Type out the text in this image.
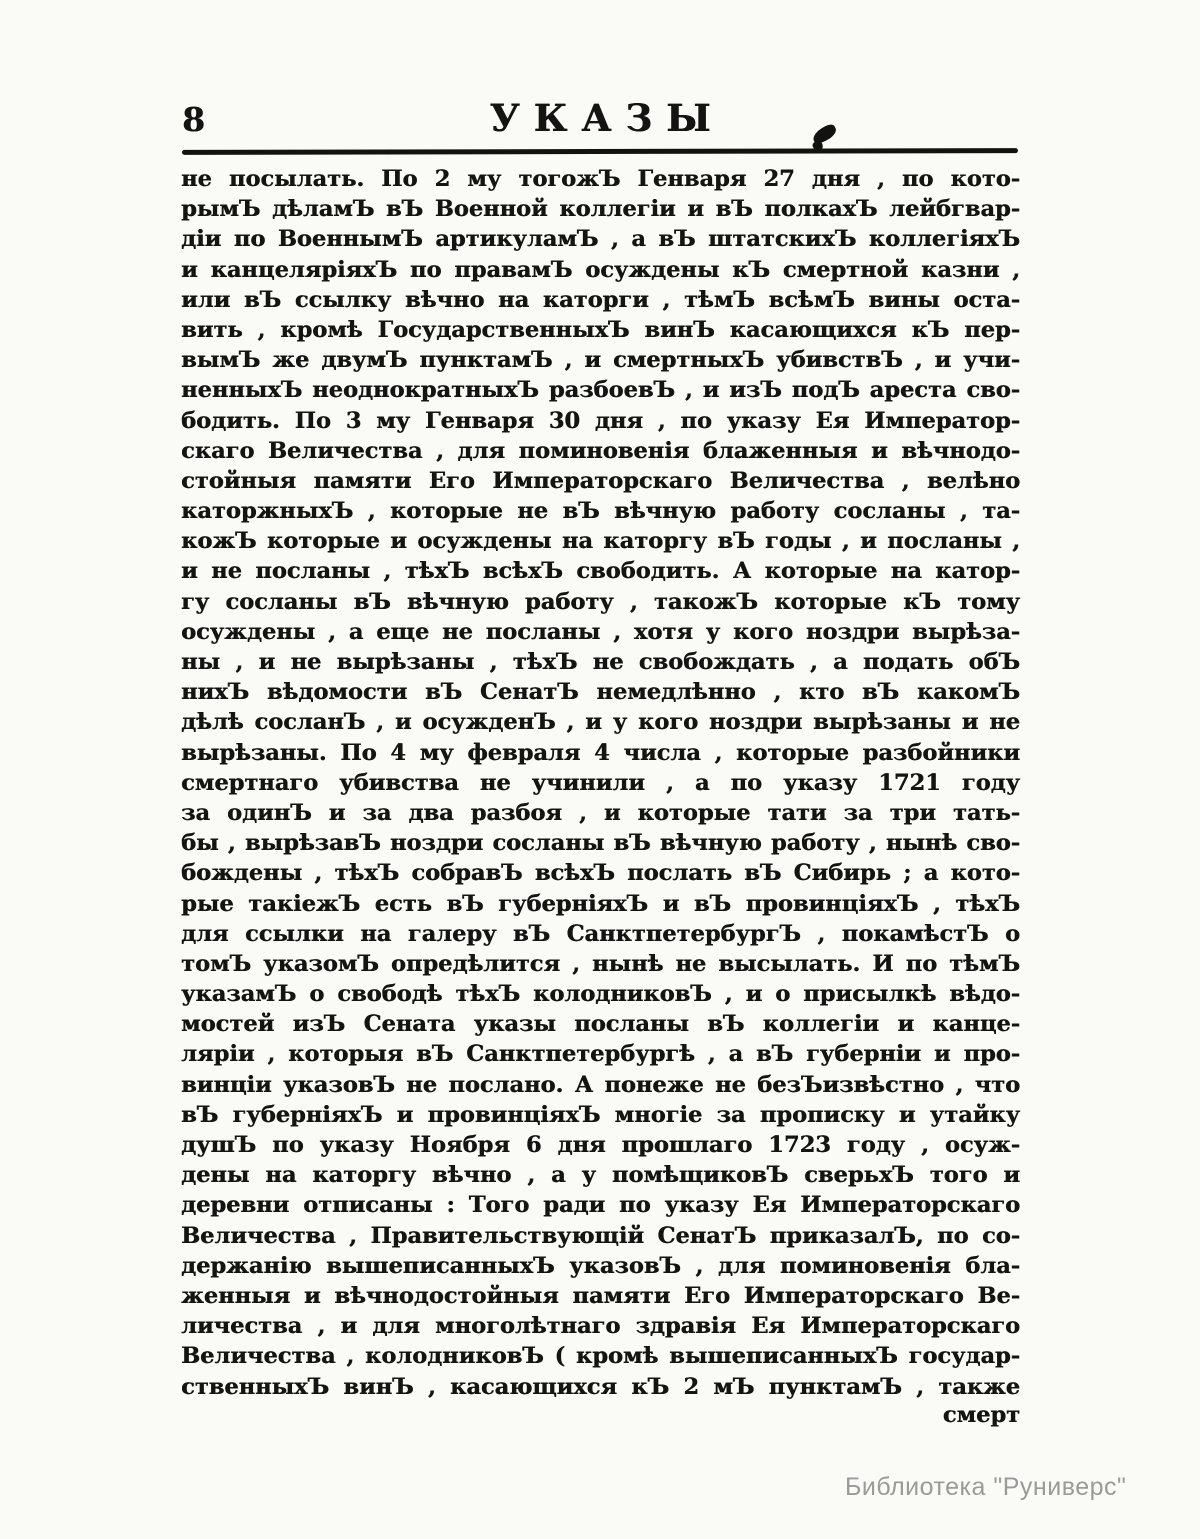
8	УКАЗЫ
не посылать. По 2 му тогожЪ Генваря 27 дня , по кото-
рымЪ дѣламЪ вЪ Военной коллегіи и вЪ полкахЪ лейбгвар-
діи по ВоеннымЪ артикуламЪ , а вЪ штатскихЪ коллегіяхЪ
и канцеляріяхЪ по правамЪ осуждены кЪ смертной казни ,
или вЪ ссылку вѣчно на каторги , тѣмЪ всѣмЪ вины оста-
вить , кромѣ ГосударственныхЪ винЪ касающихся кЪ пер-
вымЪ же двумЪ пунктамЪ , и смертныхЪ убивствЪ , и учи-
ненныхЪ неоднократныхЪ разбоевЪ , и изЪ подЪ ареста сво-
бодить. По 3 му Генваря 30 дня , по указу Ея Император-
скаго Величества , для поминовенія блаженныя и вѣчнодо-
стойныя памяти Его Императорскаго Величества , велѣно
каторжныхЪ , которые не вЪ вѣчную работу сосланы , та-
кожЪ которые и осуждены на каторгу вЪ годы , и посланы ,
и не посланы , тѣхЪ всѣхЪ свободить. А которые на катор-
гу сосланы вЪ вѣчную работу , такожЪ которые кЪ тому
осуждены , а еще не посланы , хотя у кого ноздри вырѣза-
ны , и не вырѣзаны , тѣхЪ не свобождать , а подать обЪ
нихЪ вѣдомости вЪ СенатЪ немедлѣнно , кто вЪ какомЪ
дѣлѣ сосланЪ , и осужденЪ , и у кого ноздри вырѣзаны и не
вырѣзаны. По 4 му февраля 4 числа , которые разбойники
смертнаго убивства не учинили , а по указу 1721 году
за одинЪ и за два разбоя , и которые тати за три тать-
бы , вырѣзавЪ ноздри сосланы вЪ вѣчную работу , нынѣ сво-
бождены , тѣхЪ собравЪ всѣхЪ послать вЪ Сибирь ; а кото-
рые такіежЪ есть вЪ губерніяхЪ и вЪ провинціяхЪ , тѣхЪ
для ссылки на галеру вЪ СанктпетербургЪ , покамѣстЪ о
томЪ указомЪ опредѣлится , нынѣ не высылать. И по тѣмЪ
указамЪ о свободѣ тѣхЪ колодниковЪ , и о присылкѣ вѣдо-
мостей изЪ Сената указы посланы вЪ коллегіи и канце-
ляріи , которыя вЪ Санктпетербургѣ , а вЪ губерніи и про-
винціи указовЪ не послано. А понеже не безЪизвѣстно , что
вЪ губерніяхЪ и провинціяхЪ многіе за прописку и утайку
душЪ по указу Ноября 6 дня прошлаго 1723 году , осуж-
дены на каторгу вѣчно , а у помѣщиковЪ сверьхЪ того и
деревни отписаны : Того ради по указу Ея Императорскаго
Величества , Правительствующій СенатЪ приказалЪ, по со-
держанію вышеписанныхЪ указовЪ , для поминовенія бла-
женныя и вѣчнодостойныя памяти Его Императорскаго Ве-
личества , и для многолѣтнаго здравія Ея Императорскаго
Величества , колодниковЪ ( кромѣ вышеписанныхЪ государ-
ственныхЪ винЪ , касающихся кЪ 2 мЪ пунктамЪ , также
смерт
Библиотека "Руниверс"
